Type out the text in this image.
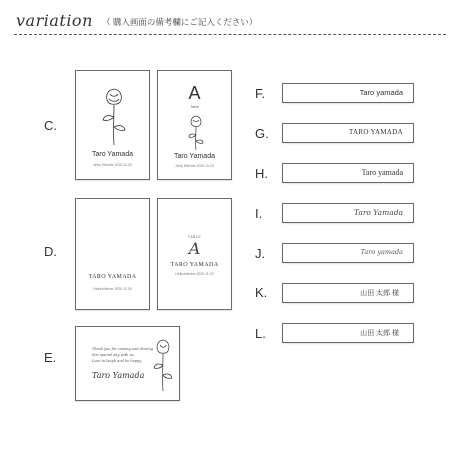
variation （ 購入画面の備考欄にご記入ください）
C.
D.
E.
F.
G.
H.
I.
J.
K.
L.
Taro Yamada
Jerry Ellerine 2020.11.20
A
Table
Taro Yamada
Jerry Ellerine 2020.11.20
TARO YAMADA
Hello/ellerine 2020.11.20
TABLE
A
TARO YAMADA
Hello/ellerine 2020.11.20
Thank you for coming and sharing
this special day with us.
Love to laugh and be happy.
Taro Yamada
Taro yamada
TARO YAMADA
Taro yamada
Taro Yamada
Taro yamada
山田 太郎 様
山田 太郎 様
